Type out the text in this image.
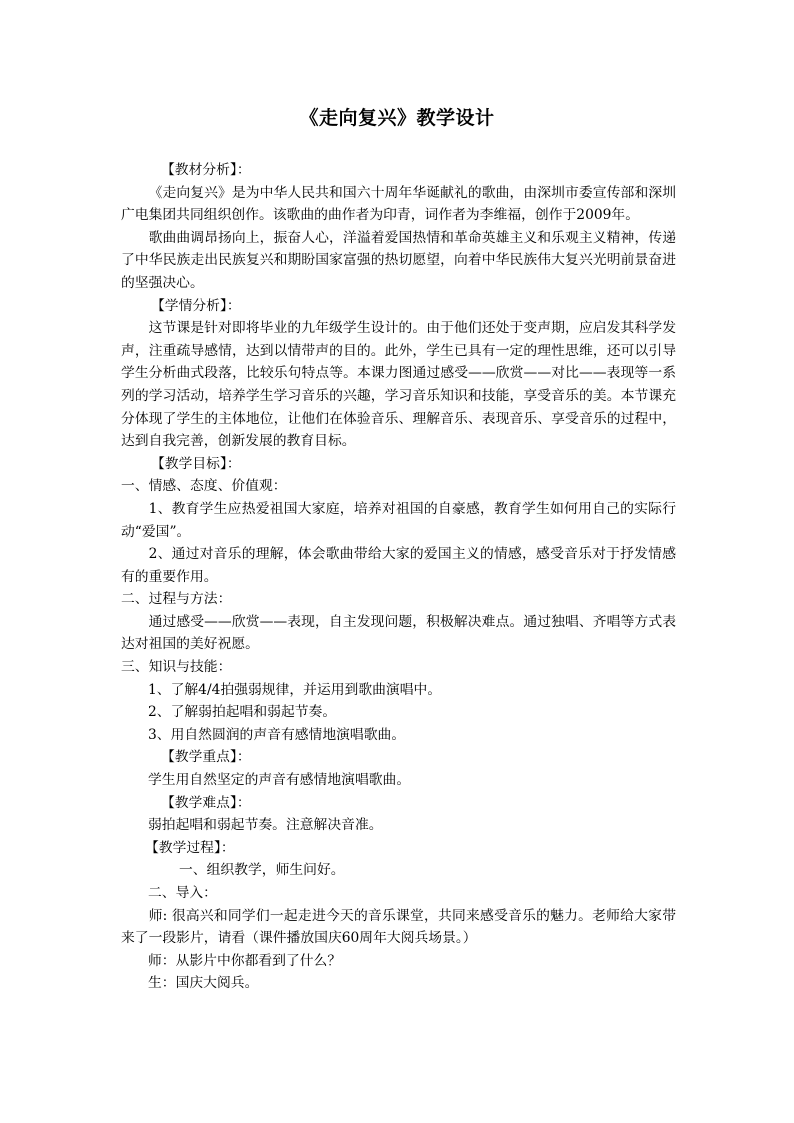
《走向复兴》教学设计

【教材分析】：

《走向复兴》是为中华人民共和国六十周年华诞献礼的歌曲，由深圳市委宣传部和深圳广电集团共同组织创作。该歌曲的曲作者为印青，词作者为李维福，创作于2009年。

歌曲曲调昂扬向上，振奋人心，洋溢着爱国热情和革命英雄主义和乐观主义精神，传递了中华民族走出民族复兴和期盼国家富强的热切愿望，向着中华民族伟大复兴光明前景奋进的坚强决心。

【学情分析】：

这节课是针对即将毕业的九年级学生设计的。由于他们还处于变声期，应启发其科学发声，注重疏导感情，达到以情带声的目的。此外，学生已具有一定的理性思维，还可以引导学生分析曲式段落，比较乐句特点等。本课力图通过感受——欣赏——对比——表现等一系列的学习活动，培养学生学习音乐的兴趣，学习音乐知识和技能，享受音乐的美。本节课充分体现了学生的主体地位，让他们在体验音乐、理解音乐、表现音乐、享受音乐的过程中，达到自我完善，创新发展的教育目标。

【教学目标】：

一、情感、态度、价值观：

1、教育学生应热爱祖国大家庭，培养对祖国的自豪感，教育学生如何用自己的实际行动“爱国”。

2、通过对音乐的理解，体会歌曲带给大家的爱国主义的情感，感受音乐对于抒发情感有的重要作用。

二、过程与方法：

通过感受——欣赏——表现，自主发现问题，积极解决难点。通过独唱、齐唱等方式表达对祖国的美好祝愿。

三、知识与技能：

1、了解4/4拍强弱规律，并运用到歌曲演唱中。

2、了解弱拍起唱和弱起节奏。

3、用自然圆润的声音有感情地演唱歌曲。

【教学重点】：

学生用自然坚定的声音有感情地演唱歌曲。

【教学难点】：

弱拍起唱和弱起节奏。注意解决音准。

【教学过程】：

一、组织教学，师生问好。

二、导入：

师: 很高兴和同学们一起走进今天的音乐课堂，共同来感受音乐的魅力。老师给大家带来了一段影片，请看（课件播放国庆60周年大阅兵场景。）

师：从影片中你都看到了什么？

生：国庆大阅兵。
